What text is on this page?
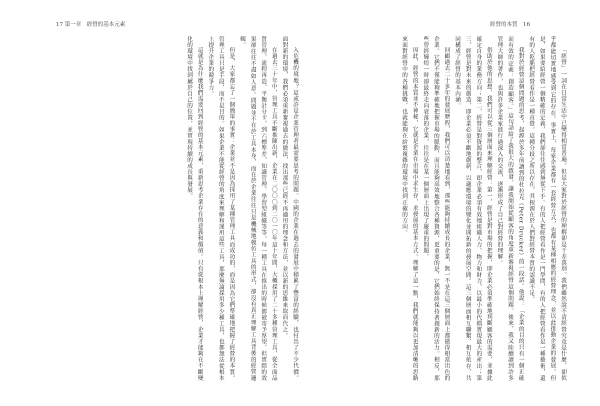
17 第一章　經營的基本元素	經營的本質　16

「經營」一詞在日常生活中已變得相當普遍，但是大家對於經營的理解卻是千差萬別。我們雖然說不清經營究竟是什麼，卻似乎都能切實地感受到它的存在。事實上，每家企業都有一套經營方式，也都有某種相應的經營理念，並以此推動企業的發展。但是，如果要給經營一個精確的定義，我們卻往往感到無從下手。有的人把經營看作是一門學問，有的人把經營看作是一種藝術，還有的人乾脆把經營看作是一種直覺。這種分歧之所以存在，其根源在於人們對經營本質的認識不足。

我對於經營這個問題的思考，起源於多年前讀到的杜拉克（Peter Drucker）的一段話。他說：「企業的目的只有一個正確而有效的定義：創造顧客。」這句話給了我很大的啟發，讓我開始從顧客的角度重新審視經營這個問題。後來，我又陸續讀到許多管理大師的著作，也與許多企業家進行過深入的交流，逐漸形成了自己對經營的理解。

借助於他的思想，我們可以從三個層面來理解經營：第一，經營是對市場的把握，即企業必須準確地判斷顧客的需要，並據此確定自身的業務方向；第二，經營是對資源的整合，即企業必須有效地組織人力、物力和財力，以最小的代價實現最大的產出；第三，經營是對未來的創造，即企業必須不斷地創新，以適應環境的變化並開拓新的發展空間。這三個層面相互聯繫、相互依存，共同構成了經營的基本內涵。

回顧過去二十多年的發展歷程，我們可以清楚地看到，那些能夠持續成長的企業，無一不是在這三個層面上都做得相當出色的企業。它們不僅能夠準確地把握市場的脈動，而且能夠高效地整合各種資源，更重要的是，它們始終保持著創新的活力。相反，那些曾經輝煌一時卻最終走向衰落的企業，往往是在某一個層面上出現了嚴重的問題。

因此，經營的本質並不神秘，它就是企業在市場中求生存、求發展的基本方式。理解了這一點，我們就能夠以更加清晰的思路來面對經營中的各種挑戰，也就能夠在紛繁複雜的環境中找到正確的方向。

入危機的境地？這或許是企業管理者最需要思考的問題。中國的企業在過去的發展中積累了豐富的經驗，也付出了不少代價。面對新的環境，我們必須重新審視過去的做法，找出那些已經不再適用的理念和方法，並以新的思維來取而代之。

在過去三十年中，管理工具不斷推陳出新，企業在二〇〇〇到二〇一〇年這十年間，大概採用了二十多種管理工具，從全面品質管理、流程再造、平衡計分卡，到六標準差、知識管理、學習型組織等等。每一種工具在推出的時候都被寄予厚望，但實際的效果卻往往不盡如人意。問題並不在於工具本身，而在於企業往往只是機械地模仿工具的形式，卻沒有真正理解工具背後的經營邏輯。

但是，大家都忘了一個簡單的事實：企業並不是因為採用了某種管理工具而成功的，而是因為它們準確地把握了經營的本質。管理工具只是手段，而不是目的。如果企業不能從經營的角度來理解和運用這些工具，那麼無論採用多少種工具，也都無法從根本上提升企業的競爭力。

這就是為什麼我們需要回到經營的基本元素，重新思考企業存在的意義和價值。只有從根本上理解經營，企業才能夠在不斷變化的環境中找到屬於自己的位置，並實現持續的成長與發展。
